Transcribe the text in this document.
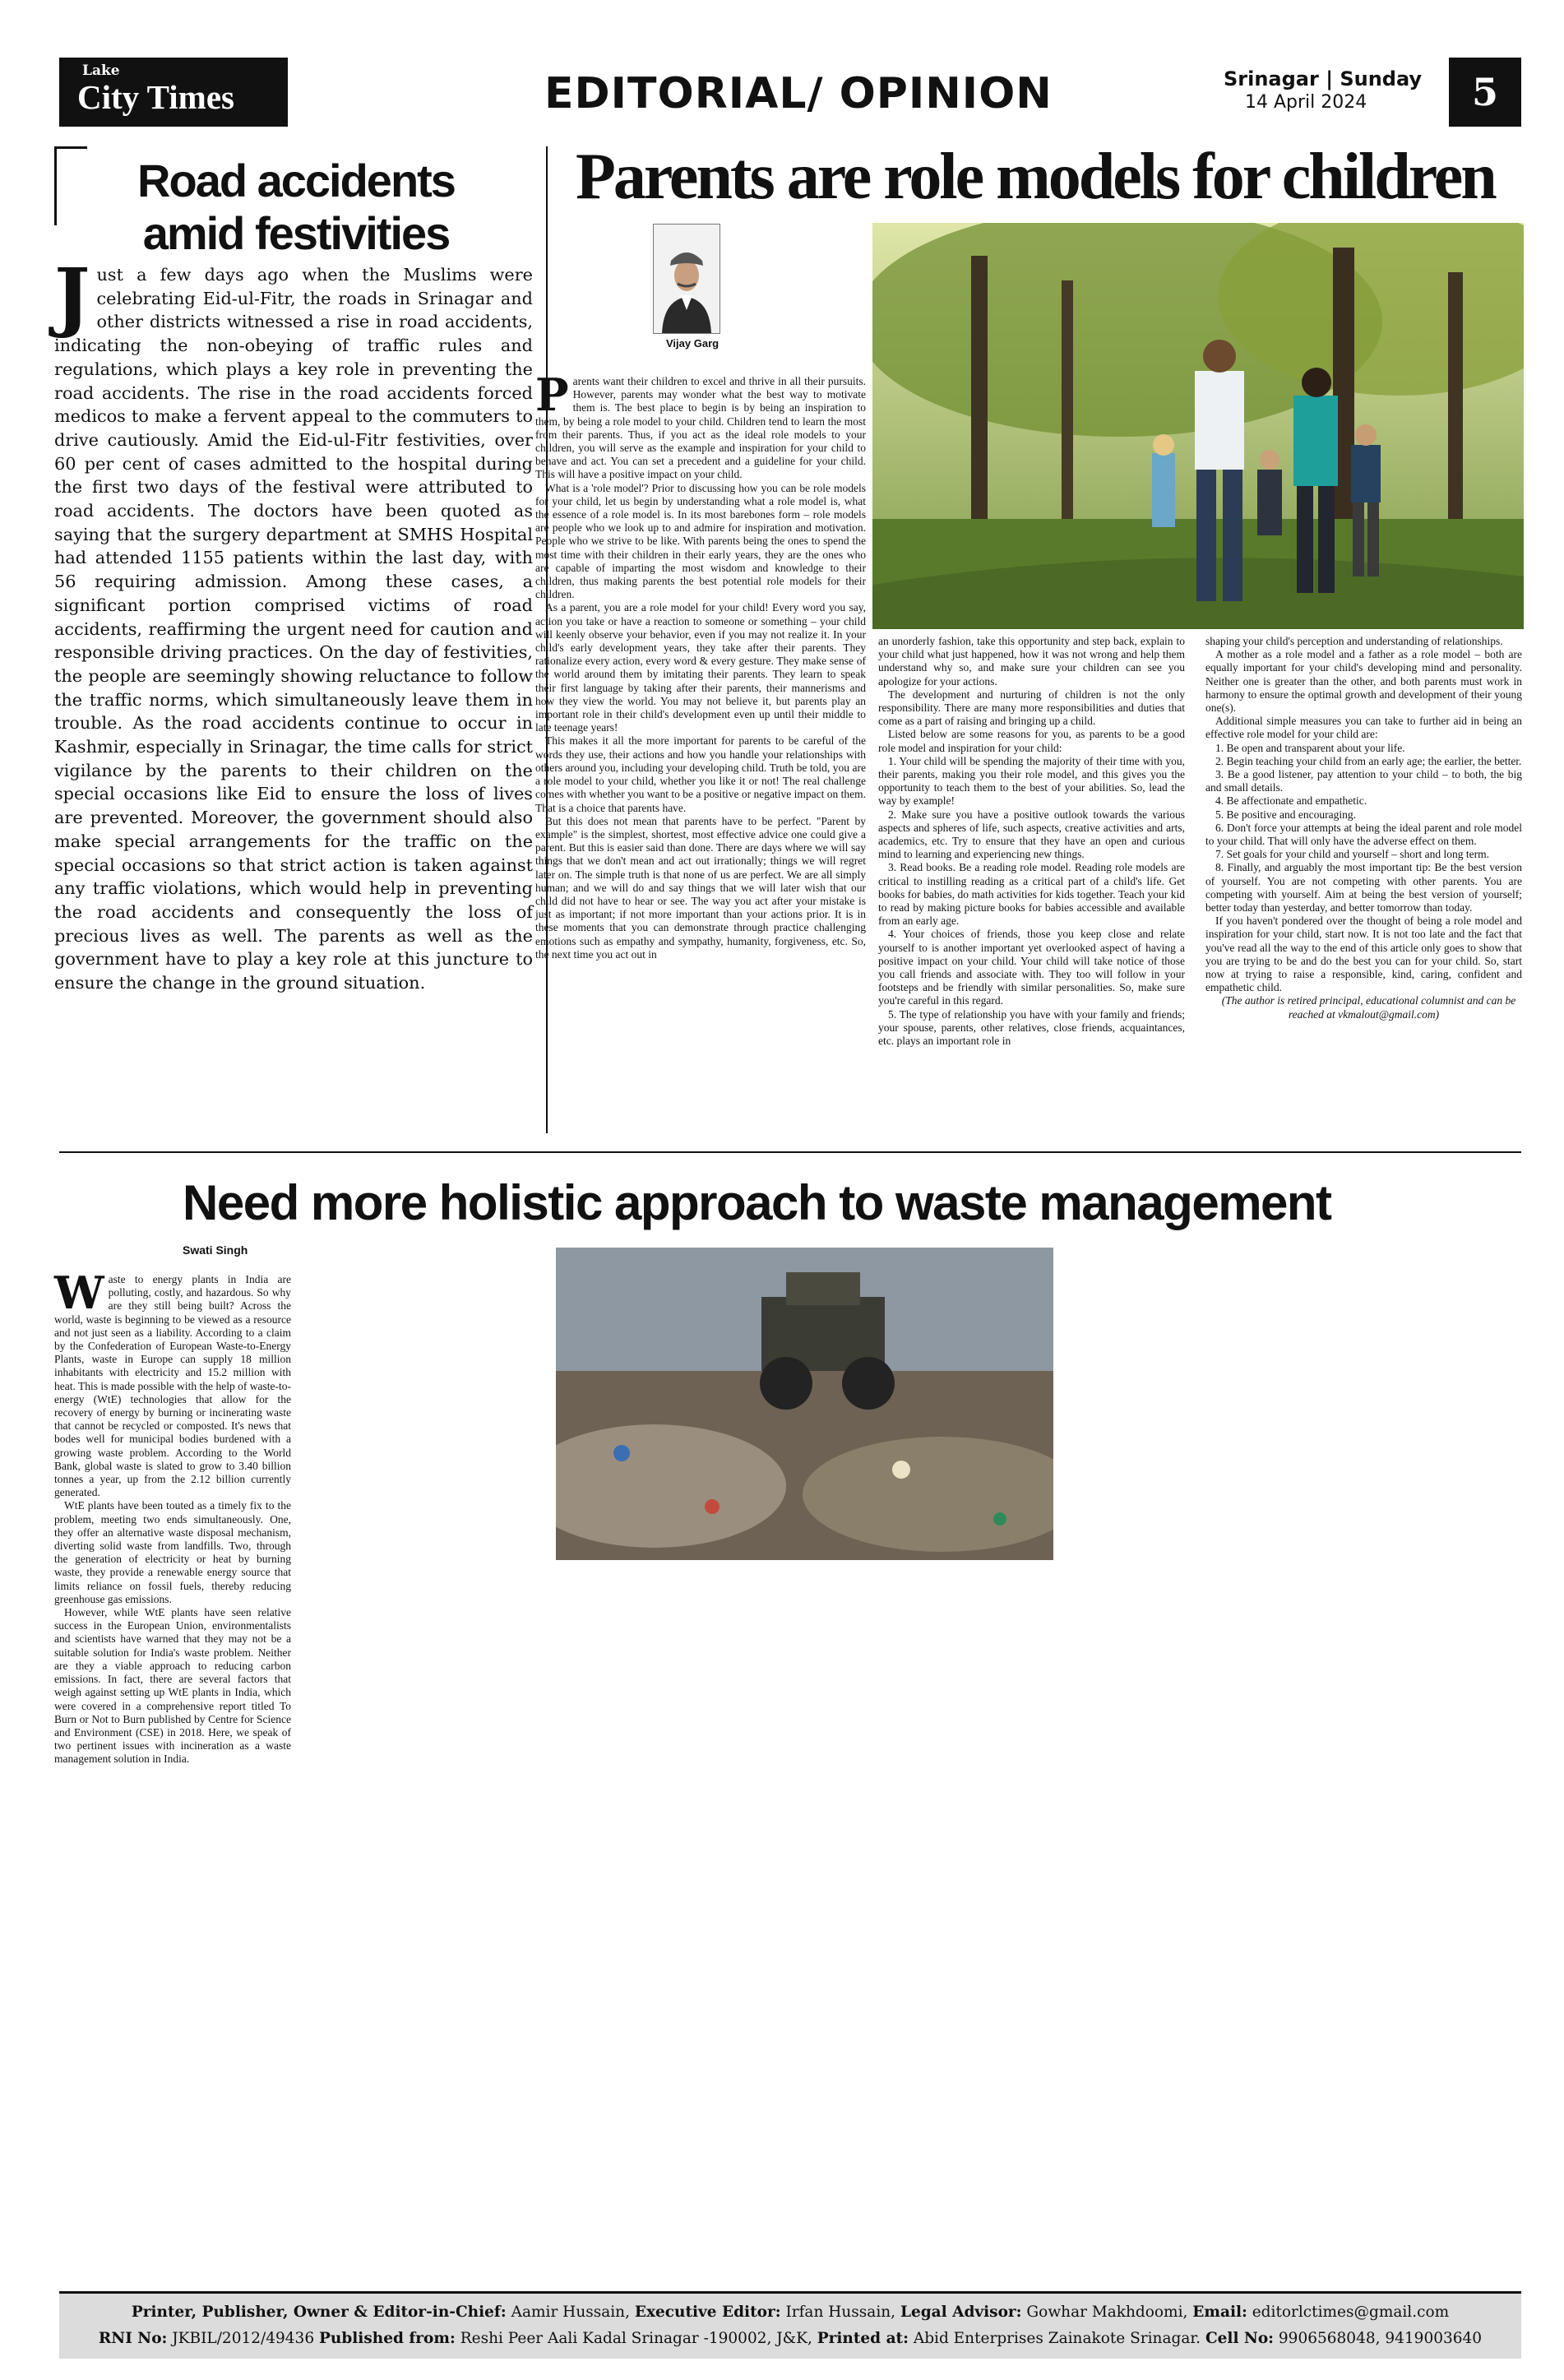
Lake
City Times	EDITORIAL/ OPINION	Srinagar | Sunday
14 April 2024	5
Road accidents
amid festivities
Just a few days ago when the Muslims were celebrating Eid-ul-Fitr, the roads in Srinagar and other districts witnessed a rise in road accidents, indicating the non-obeying of traffic rules and regulations, which plays a key role in preventing the road accidents. The rise in the road accidents forced medicos to make a fervent appeal to the commuters to drive cautiously. Amid the Eid-ul-Fitr festivities, over 60 per cent of cases admitted to the hospital during the first two days of the festival were attributed to road accidents. The doctors have been quoted as saying that the surgery department at SMHS Hospital had attended 1155 patients within the last day, with 56 requiring admission. Among these cases, a significant portion comprised victims of road accidents, reaffirming the urgent need for caution and responsible driving practices. On the day of festivities, the people are seemingly showing reluctance to follow the traffic norms, which simultaneously leave them in trouble. As the road accidents continue to occur in Kashmir, especially in Srinagar, the time calls for strict vigilance by the parents to their children on the special occasions like Eid to ensure the loss of lives are prevented. Moreover, the government should also make special arrangements for the traffic on the special occasions so that strict action is taken against any traffic violations, which would help in preventing the road accidents and consequently the loss of precious lives as well. The parents as well as the government have to play a key role at this juncture to ensure the change in the ground situation.
Parents are role models for children
Vijay Garg

Parents want their children to excel and thrive in all their pursuits. However, parents may wonder what the best way to motivate them is. The best place to begin is by being an inspiration to them, by being a role model to your child. Children tend to learn the most from their parents. Thus, if you act as the ideal role models to your children, you will serve as the example and inspiration for your child to behave and act. You can set a precedent and a guideline for your child. This will have a positive impact on your child.

What is a 'role model'? Prior to discussing how you can be role models for your child, let us begin by understanding what a role model is, what the essence of a role model is. In its most barebones form – role models are people who we look up to and admire for inspiration and motivation. People who we strive to be like. With parents being the ones to spend the most time with their children in their early years, they are the ones who are capable of imparting the most wisdom and knowledge to their children, thus making parents the best potential role models for their children.

As a parent, you are a role model for your child! Every word you say, action you take or have a reaction to someone or something – your child will keenly observe your behavior, even if you may not realize it. In your child's early development years, they take after their parents. They rationalize every action, every word & every gesture. They make sense of the world around them by imitating their parents. They learn to speak their first language by taking after their parents, their mannerisms and how they view the world. You may not believe it, but parents play an important role in their child's development even up until their middle to late teenage years!

This makes it all the more important for parents to be careful of the words they use, their actions and how you handle your relationships with others around you, including your developing child. Truth be told, you are a role model to your child, whether you like it or not! The real challenge comes with whether you want to be a positive or negative impact on them. That is a choice that parents have.

But this does not mean that parents have to be perfect. "Parent by example" is the simplest, shortest, most effective advice one could give a parent. But this is easier said than done. There are days where we will say things that we don't mean and act out irrationally; things we will regret later on. The simple truth is that none of us are perfect. We are all simply human; and we will do and say things that we will later wish that our child did not have to hear or see. The way you act after your mistake is just as important; if not more important than your actions prior. It is in these moments that you can demonstrate through practice challenging emotions such as empathy and sympathy, humanity, forgiveness, etc. So, the next time you act out in

an unorderly fashion, take this opportunity and step back, explain to your child what just happened, how it was not wrong and help them understand why so, and make sure your children can see you apologize for your actions.

The development and nurturing of children is not the only responsibility. There are many more responsibilities and duties that come as a part of raising and bringing up a child.

Listed below are some reasons for you, as parents to be a good role model and inspiration for your child:

1. Your child will be spending the majority of their time with you, their parents, making you their role model, and this gives you the opportunity to teach them to the best of your abilities. So, lead the way by example!

2. Make sure you have a positive outlook towards the various aspects and spheres of life, such aspects, creative activities and arts, academics, etc. Try to ensure that they have an open and curious mind to learning and experiencing new things.

3. Read books. Be a reading role model. Reading role models are critical to instilling reading as a critical part of a child's life. Get books for babies, do math activities for kids together. Teach your kid to read by making picture books for babies accessible and available from an early age.

4. Your choices of friends, those you keep close and relate yourself to is another important yet overlooked aspect of having a positive impact on your child. Your child will take notice of those you call friends and associate with. They too will follow in your footsteps and be friendly with similar personalities. So, make sure you're careful in this regard.

5. The type of relationship you have with your family and friends; your spouse, parents, other relatives, close friends, acquaintances, etc. plays an important role in

shaping your child's perception and understanding of relationships.

A mother as a role model and a father as a role model – both are equally important for your child's developing mind and personality. Neither one is greater than the other, and both parents must work in harmony to ensure the optimal growth and development of their young one(s).

Additional simple measures you can take to further aid in being an effective role model for your child are:

1. Be open and transparent about your life.

2. Begin teaching your child from an early age; the earlier, the better.

3. Be a good listener, pay attention to your child – to both, the big and small details.

4. Be affectionate and empathetic.

5. Be positive and encouraging.

6. Don't force your attempts at being the ideal parent and role model to your child. That will only have the adverse effect on them.

7. Set goals for your child and yourself – short and long term.

8. Finally, and arguably the most important tip: Be the best version of yourself. You are not competing with other parents. You are competing with yourself. Aim at being the best version of yourself; better today than yesterday, and better tomorrow than today.

If you haven't pondered over the thought of being a role model and inspiration for your child, start now. It is not too late and the fact that you've read all the way to the end of this article only goes to show that you are trying to be and do the best you can for your child. So, start now at trying to raise a responsible, kind, caring, confident and empathetic child.

(The author is retired principal, educational columnist and can be reached at vkmalout@gmail.com)

Need more holistic approach to waste management
Swati Singh

Waste to energy plants in India are polluting, costly, and hazardous. So why are they still being built? Across the world, waste is beginning to be viewed as a resource and not just seen as a liability. According to a claim by the Confederation of European Waste-to-Energy Plants, waste in Europe can supply 18 million inhabitants with electricity and 15.2 million with heat. This is made possible with the help of waste-to-energy (WtE) technologies that allow for the recovery of energy by burning or incinerating waste that cannot be recycled or composted. It's news that bodes well for municipal bodies burdened with a growing waste problem. According to the World Bank, global waste is slated to grow to 3.40 billion tonnes a year, up from the 2.12 billion currently generated.

WtE plants have been touted as a timely fix to the problem, meeting two ends simultaneously. One, they offer an alternative waste disposal mechanism, diverting solid waste from landfills. Two, through the generation of electricity or heat by burning waste, they provide a renewable energy source that limits reliance on fossil fuels, thereby reducing greenhouse gas emissions.

However, while WtE plants have seen relative success in the European Union, environmentalists and scientists have warned that they may not be a suitable solution for India's waste problem. Neither are they a viable approach to reducing carbon emissions. In fact, there are several factors that weigh against setting up WtE plants in India, which were covered in a comprehensive report titled To Burn or Not to Burn published by Centre for Science and Environment (CSE) in 2018. Here, we speak of two pertinent issues with incineration as a waste management solution in India.

Printer, Publisher, Owner & Editor-in-Chief: Aamir Hussain, Executive Editor: Irfan Hussain, Legal Advisor: Gowhar Makhdoomi, Email: editorlctimes@gmail.com
RNI No: JKBIL/2012/49436 Published from: Reshi Peer Aali Kadal Srinagar -190002, J&K, Printed at: Abid Enterprises Zainakote Srinagar. Cell No: 9906568048, 9419003640
